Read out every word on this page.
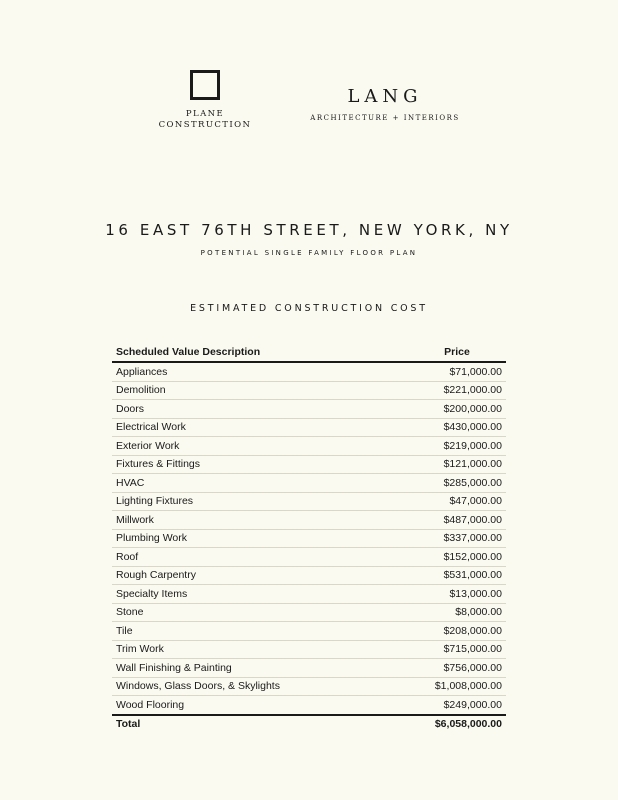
PLANE
CONSTRUCTION
LANG
ARCHITECTURE + INTERIORS
16 EAST 76TH STREET, NEW YORK, NY
POTENTIAL SINGLE FAMILY FLOOR PLAN
ESTIMATED CONSTRUCTION COST
Scheduled Value Description	Price
Appliances	$71,000.00
Demolition	$221,000.00
Doors	$200,000.00
Electrical Work	$430,000.00
Exterior Work	$219,000.00
Fixtures & Fittings	$121,000.00
HVAC	$285,000.00
Lighting Fixtures	$47,000.00
Millwork	$487,000.00
Plumbing Work	$337,000.00
Roof	$152,000.00
Rough Carpentry	$531,000.00
Specialty Items	$13,000.00
Stone	$8,000.00
Tile	$208,000.00
Trim Work	$715,000.00
Wall Finishing & Painting	$756,000.00
Windows, Glass Doors, & Skylights	$1,008,000.00
Wood Flooring	$249,000.00
Total	$6,058,000.00
